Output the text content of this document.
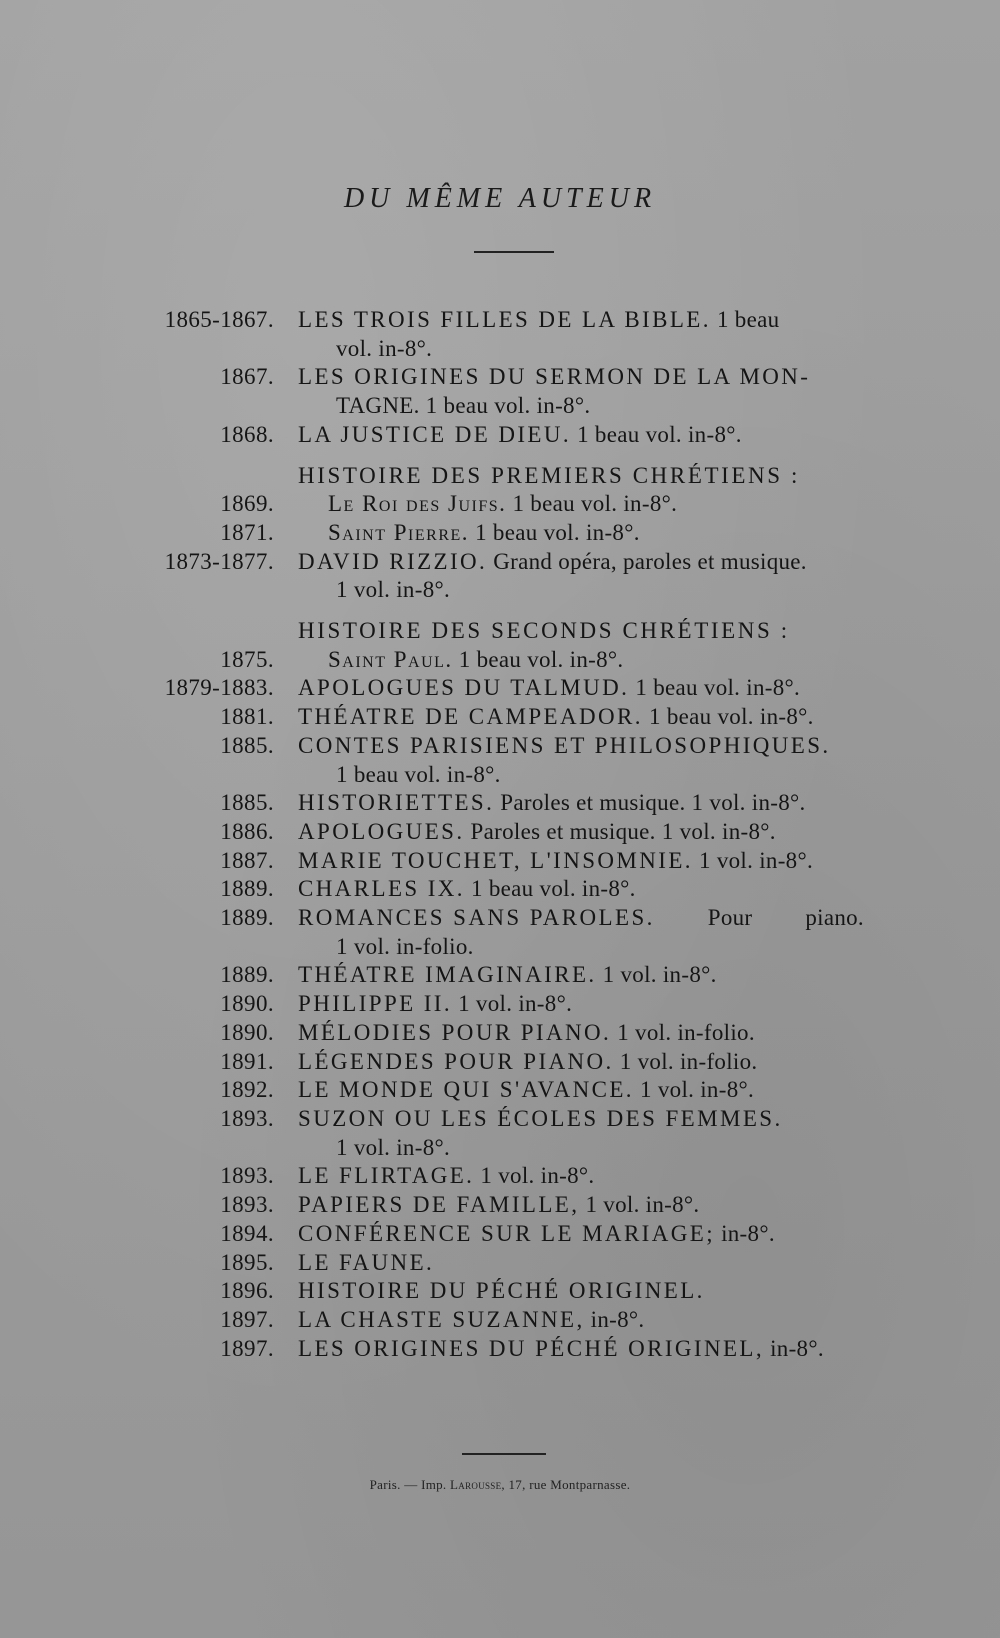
DU MÊME AUTEUR
1865-1867. LES TROIS FILLES DE LA BIBLE. 1 beau
vol. in-8°.
1867. LES ORIGINES DU SERMON DE LA MON-
TAGNE. 1 beau vol. in-8°.
1868. LA JUSTICE DE DIEU. 1 beau vol. in-8°.
HISTOIRE DES PREMIERS CHRÉTIENS :
1869. Le Roi des Juifs. 1 beau vol. in-8°.
1871. Saint Pierre. 1 beau vol. in-8°.
1873-1877. DAVID RIZZIO. Grand opéra, paroles et musique.
1 vol. in-8°.
HISTOIRE DES SECONDS CHRÉTIENS :
1875. Saint Paul. 1 beau vol. in-8°.
1879-1883. APOLOGUES DU TALMUD. 1 beau vol. in-8°.
1881. THÉATRE DE CAMPEADOR. 1 beau vol. in-8°.
1885. CONTES PARISIENS ET PHILOSOPHIQUES.
1 beau vol. in-8°.
1885. HISTORIETTES. Paroles et musique. 1 vol. in-8°.
1886. APOLOGUES. Paroles et musique. 1 vol. in-8°.
1887. MARIE TOUCHET, L'INSOMNIE. 1 vol. in-8°.
1889. CHARLES IX. 1 beau vol. in-8°.
1889. ROMANCES SANS PAROLES. Pour piano.
1 vol. in-folio.
1889. THÉATRE IMAGINAIRE. 1 vol. in-8°.
1890. PHILIPPE II. 1 vol. in-8°.
1890. MÉLODIES POUR PIANO. 1 vol. in-folio.
1891. LÉGENDES POUR PIANO. 1 vol. in-folio.
1892. LE MONDE QUI S'AVANCE. 1 vol. in-8°.
1893. SUZON OU LES ÉCOLES DES FEMMES.
1 vol. in-8°.
1893. LE FLIRTAGE. 1 vol. in-8°.
1893. PAPIERS DE FAMILLE, 1 vol. in-8°.
1894. CONFÉRENCE SUR LE MARIAGE; in-8°.
1895. LE FAUNE.
1896. HISTOIRE DU PÉCHÉ ORIGINEL.
1897. LA CHASTE SUZANNE, in-8°.
1897. LES ORIGINES DU PÉCHÉ ORIGINEL, in-8°.
Paris. — Imp. Larousse, 17, rue Montparnasse.
